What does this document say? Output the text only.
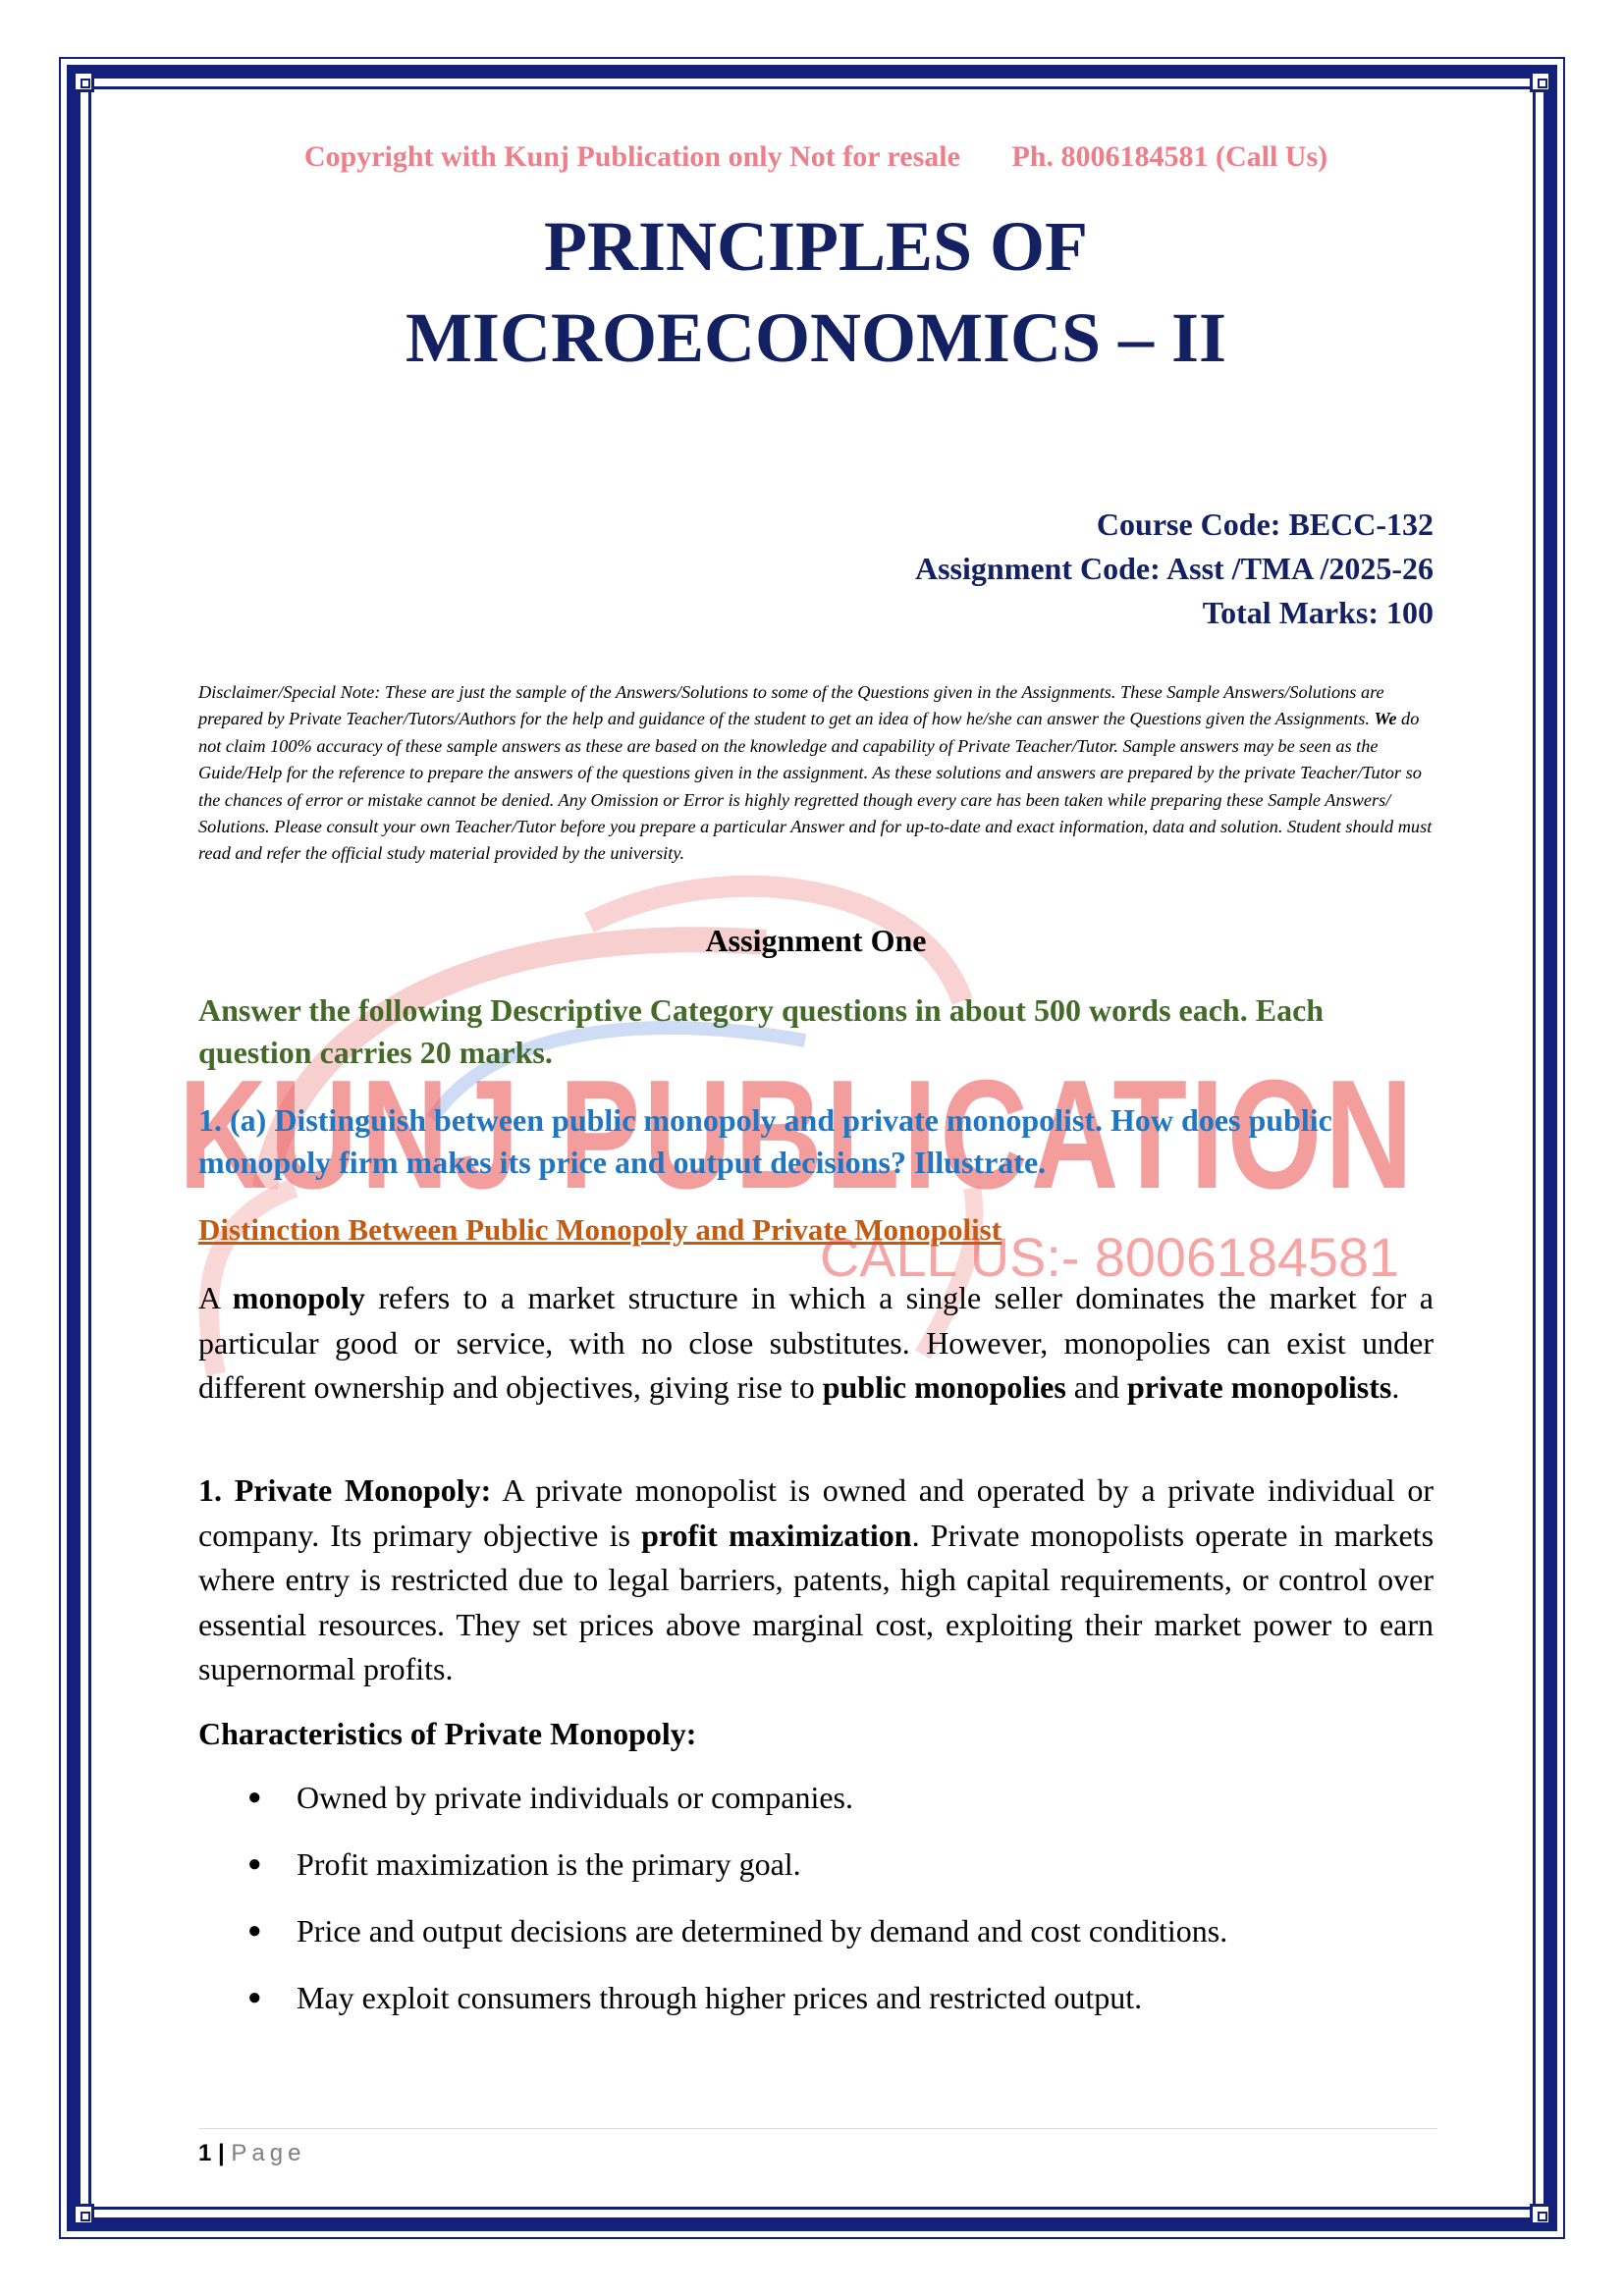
KUNJ PUBLICATION
CALL US:- 8006184581
Copyright with Kunj Publication only Not for resale Ph. 8006184581 (Call Us)
PRINCIPLES OF
MICROECONOMICS – II
Course Code: BECC-132
Assignment Code: Asst /TMA /2025-26
Total Marks: 100
Disclaimer/Special Note: These are just the sample of the Answers/Solutions to some of the Questions given in the Assignments. These Sample Answers/Solutions are prepared by Private Teacher/Tutors/Authors for the help and guidance of the student to get an idea of how he/she can answer the Questions given the Assignments. We do not claim 100% accuracy of these sample answers as these are based on the knowledge and capability of Private Teacher/Tutor. Sample answers may be seen as the Guide/Help for the reference to prepare the answers of the questions given in the assignment. As these solutions and answers are prepared by the private Teacher/Tutor so the chances of error or mistake cannot be denied. Any Omission or Error is highly regretted though every care has been taken while preparing these Sample Answers/ Solutions. Please consult your own Teacher/Tutor before you prepare a particular Answer and for up-to-date and exact information, data and solution. Student should must read and refer the official study material provided by the university.
Assignment One
Answer the following Descriptive Category questions in about 500 words each. Each question carries 20 marks.
1. (a) Distinguish between public monopoly and private monopolist. How does public monopoly firm makes its price and output decisions? Illustrate.
Distinction Between Public Monopoly and Private Monopolist
A monopoly refers to a market structure in which a single seller dominates the market for a particular good or service, with no close substitutes. However, monopolies can exist under different ownership and objectives, giving rise to public monopolies and private monopolists.
1. Private Monopoly: A private monopolist is owned and operated by a private individual or company. Its primary objective is profit maximization. Private monopolists operate in markets where entry is restricted due to legal barriers, patents, high capital requirements, or control over essential resources. They set prices above marginal cost, exploiting their market power to earn supernormal profits.
Characteristics of Private Monopoly:
● Owned by private individuals or companies.
● Profit maximization is the primary goal.
● Price and output decisions are determined by demand and cost conditions.
● May exploit consumers through higher prices and restricted output.
1 | Page
